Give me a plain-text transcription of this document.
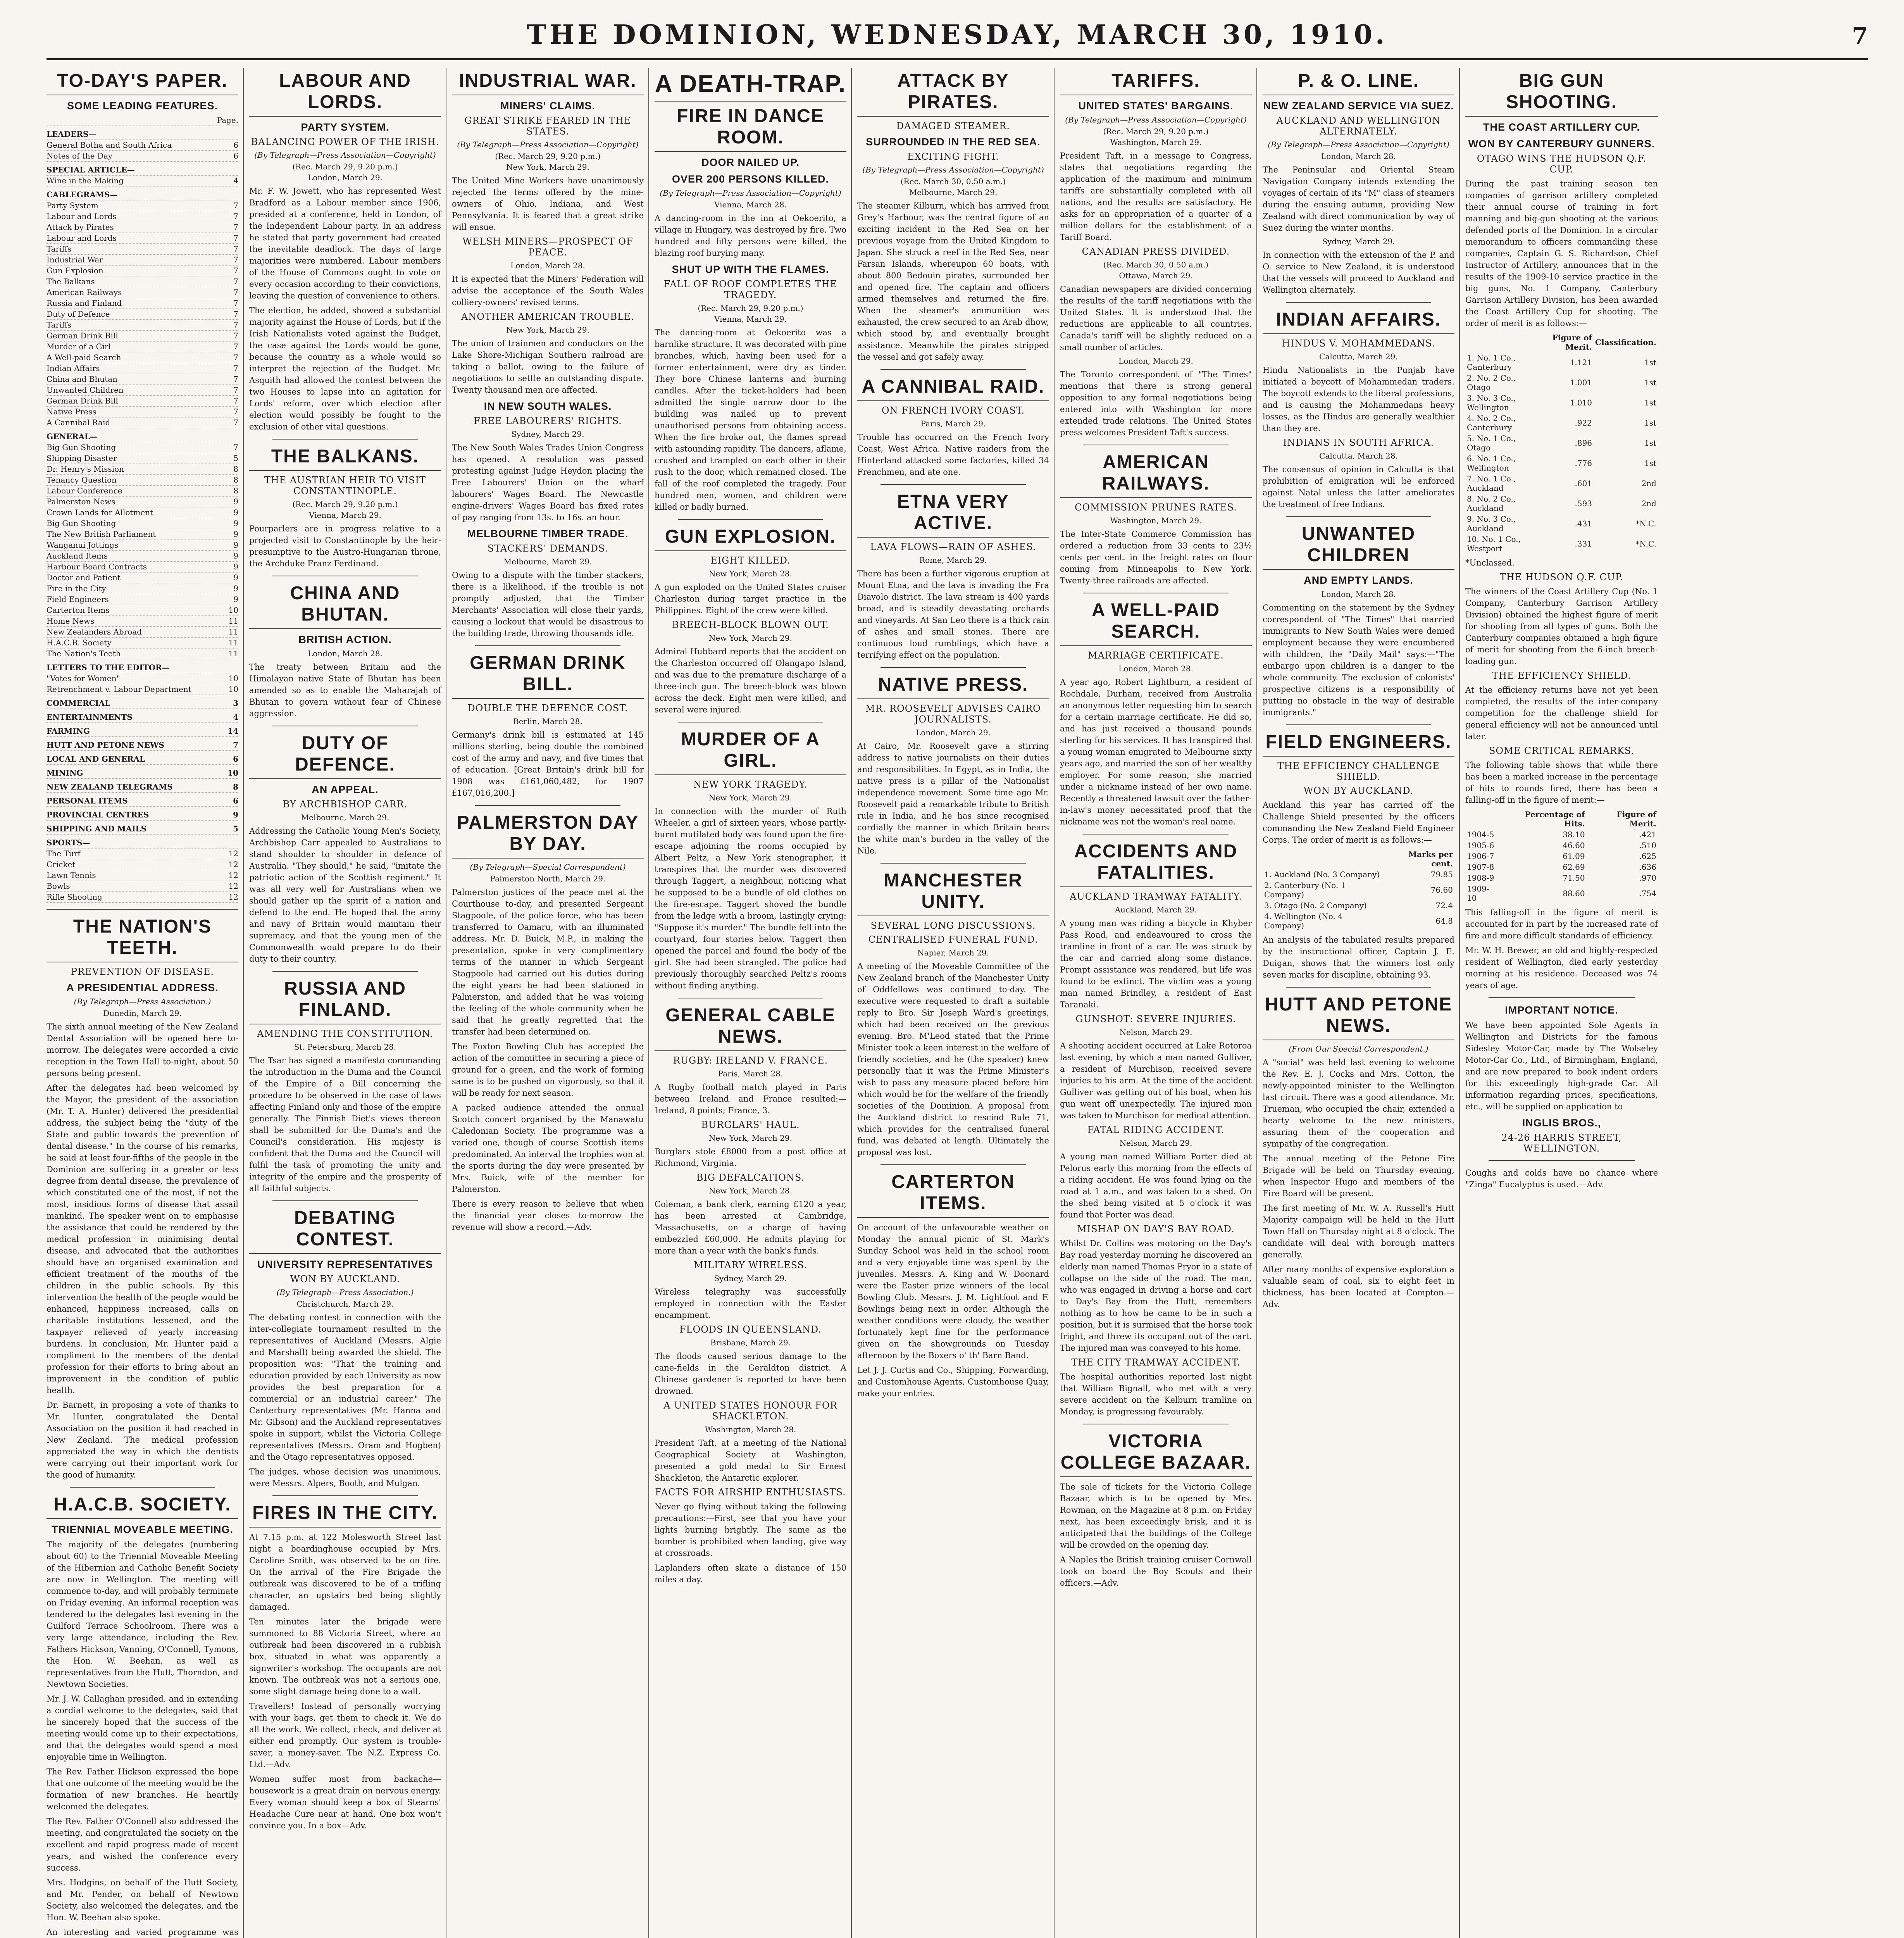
THE DOMINION, WEDNESDAY, MARCH 30, 1910.	7
TO-DAY'S PAPER.
SOME LEADING FEATURES.
Page.
LEADERS—
General Botha and South Africa	6
Notes of the Day	6
SPECIAL ARTICLE—
Wine in the Making	4
CABLEGRAMS—
Party System	7
Labour and Lords	7
Attack by Pirates	7
Labour and Lords	7
Tariffs	7
Industrial War	7
Gun Explosion	7
The Balkans	7
American Railways	7
Russia and Finland	7
Duty of Defence	7
Tariffs	7
German Drink Bill	7
Murder of a Girl	7
A Well-paid Search	7
Indian Affairs	7
China and Bhutan	7
Unwanted Children	7
German Drink Bill	7
Native Press	7
A Cannibal Raid	7
GENERAL—
Big Gun Shooting	7
Shipping Disaster	5
Dr. Henry's Mission	8
Tenancy Question	8
Labour Conference	8
Palmerston News	9
Crown Lands for Allotment	9
Big Gun Shooting	9
The New British Parliament	9
Wanganui Jottings	9
Auckland Items	9
Harbour Board Contracts	9
Doctor and Patient	9
Fire in the City	9
Field Engineers	9
Carterton Items	10
Home News	11
New Zealanders Abroad	11
H.A.C.B. Society	11
The Nation's Teeth	11
LETTERS TO THE EDITOR—
"Votes for Women"	10
Retrenchment v. Labour Department	10
COMMERCIAL	3
ENTERTAINMENTS	4
FARMING	14
HUTT AND PETONE NEWS	7
LOCAL AND GENERAL	6
MINING	10
NEW ZEALAND TELEGRAMS	8
PERSONAL ITEMS	6
PROVINCIAL CENTRES	9
SHIPPING AND MAILS	5
SPORTS—
The Turf	12
Cricket	12
Lawn Tennis	12
Bowls	12
Rifle Shooting	12
THE NATION'S TEETH.
PREVENTION OF DISEASE.
A PRESIDENTIAL ADDRESS.
(By Telegraph—Press Association.)
Dunedin, March 29.

The sixth annual meeting of the New Zealand Dental Association will be opened here to-morrow. The delegates were accorded a civic reception in the Town Hall to-night, about 50 persons being present.

After the delegates had been welcomed by the Mayor, the president of the association (Mr. T. A. Hunter) delivered the presidential address, the subject being the "duty of the State and public towards the prevention of dental disease." In the course of his remarks, he said at least four-fifths of the people in the Dominion are suffering in a greater or less degree from dental disease, the prevalence of which constituted one of the most, if not the most, insidious forms of disease that assail mankind. The speaker went on to emphasise the assistance that could be rendered by the medical profession in minimising dental disease, and advocated that the authorities should have an organised examination and efficient treatment of the mouths of the children in the public schools. By this intervention the health of the people would be enhanced, happiness increased, calls on charitable institutions lessened, and the taxpayer relieved of yearly increasing burdens. In conclusion, Mr. Hunter paid a compliment to the members of the dental profession for their efforts to bring about an improvement in the condition of public health.

Dr. Barnett, in proposing a vote of thanks to Mr. Hunter, congratulated the Dental Association on the position it had reached in New Zealand. The medical profession appreciated the way in which the dentists were carrying out their important work for the good of humanity.

H.A.C.B. SOCIETY.
TRIENNIAL MOVEABLE MEETING.

The majority of the delegates (numbering about 60) to the Triennial Moveable Meeting of the Hibernian and Catholic Benefit Society are now in Wellington. The meeting will commence to-day, and will probably terminate on Friday evening. An informal reception was tendered to the delegates last evening in the Guilford Terrace Schoolroom. There was a very large attendance, including the Rev. Fathers Hickson, Vanning, O'Connell, Tymons, the Hon. W. Beehan, as well as representatives from the Hutt, Thorndon, and Newtown Societies.

Mr. J. W. Callaghan presided, and in extending a cordial welcome to the delegates, said that he sincerely hoped that the success of the meeting would come up to their expectations, and that the delegates would spend a most enjoyable time in Wellington.

The Rev. Father Hickson expressed the hope that one outcome of the meeting would be the formation of new branches. He heartily welcomed the delegates.

The Rev. Father O'Connell also addressed the meeting, and congratulated the society on the excellent and rapid progress made of recent years, and wished the conference every success.

Mrs. Hodgins, on behalf of the Hutt Society, and Mr. Pender, on behalf of Newtown Society, also welcomed the delegates, and the Hon. W. Beehan also spoke.

An interesting and varied programme was

LABOUR AND LORDS.
PARTY SYSTEM.
BALANCING POWER OF THE IRISH.
(By Telegraph—Press Association—Copyright)
(Rec. March 29, 9.20 p.m.)
London, March 29.

Mr. F. W. Jowett, who has represented West Bradford as a Labour member since 1906, presided at a conference, held in London, of the Independent Labour party. In an address he stated that party government had created the inevitable deadlock. The days of large majorities were numbered. Labour members of the House of Commons ought to vote on every occasion according to their convictions, leaving the question of convenience to others.

The election, he added, showed a substantial majority against the House of Lords, but if the Irish Nationalists voted against the Budget, the case against the Lords would be gone, because the country as a whole would so interpret the rejection of the Budget. Mr. Asquith had allowed the contest between the two Houses to lapse into an agitation for Lords' reform, over which election after election would possibly be fought to the exclusion of other vital questions.

THE BALKANS.
THE AUSTRIAN HEIR TO VISIT CONSTANTINOPLE.
(Rec. March 29, 9.20 p.m.)
Vienna, March 29.

Pourparlers are in progress relative to a projected visit to Constantinople by the heir-presumptive to the Austro-Hungarian throne, the Archduke Franz Ferdinand.

CHINA AND BHUTAN.
BRITISH ACTION.
London, March 28.

The treaty between Britain and the Himalayan native State of Bhutan has been amended so as to enable the Maharajah of Bhutan to govern without fear of Chinese aggression.

DUTY OF DEFENCE.
AN APPEAL.
BY ARCHBISHOP CARR.
Melbourne, March 29.

Addressing the Catholic Young Men's Society, Archbishop Carr appealed to Australians to stand shoulder to shoulder in defence of Australia. "They should," he said, "imitate the patriotic action of the Scottish regiment." It was all very well for Australians when we should gather up the spirit of a nation and defend to the end. He hoped that the army and navy of Britain would maintain their supremacy, and that the young men of the Commonwealth would prepare to do their duty to their country.

RUSSIA AND FINLAND.
AMENDING THE CONSTITUTION.
St. Petersburg, March 28.

The Tsar has signed a manifesto commanding the introduction in the Duma and the Council of the Empire of a Bill concerning the procedure to be observed in the case of laws affecting Finland only and those of the empire generally. The Finnish Diet's views thereon shall be submitted for the Duma's and the Council's consideration. His majesty is confident that the Duma and the Council will fulfil the task of promoting the unity and integrity of the empire and the prosperity of all faithful subjects.

DEBATING CONTEST.
UNIVERSITY REPRESENTATIVES
WON BY AUCKLAND.
(By Telegraph—Press Association.)
Christchurch, March 29.

The debating contest in connection with the inter-collegiate tournament resulted in the representatives of Auckland (Messrs. Algie and Marshall) being awarded the shield. The proposition was: "That the training and education provided by each University as now provides the best preparation for a commercial or an industrial career." The Canterbury representatives (Mr. Hanna and Mr. Gibson) and the Auckland representatives spoke in support, whilst the Victoria College representatives (Messrs. Oram and Hogben) and the Otago representatives opposed.

The judges, whose decision was unanimous, were Messrs. Alpers, Booth, and Mulgan.

FIRES IN THE CITY.

At 7.15 p.m. at 122 Molesworth Street last night a boardinghouse occupied by Mrs. Caroline Smith, was observed to be on fire. On the arrival of the Fire Brigade the outbreak was discovered to be of a trifling character, an upstairs bed being slightly damaged.

Ten minutes later the brigade were summoned to 88 Victoria Street, where an outbreak had been discovered in a rubbish box, situated in what was apparently a signwriter's workshop. The occupants are not known. The outbreak was not a serious one, some slight damage being done to a wall.

Travellers! Instead of personally worrying with your bags, get them to check it. We do all the work. We collect, check, and deliver at either end promptly. Our system is trouble-saver, a money-saver. The N.Z. Express Co. Ltd.—Adv.

Women suffer most from backache—housework is a great drain on nervous energy. Every woman should keep a box of Stearns' Headache Cure near at hand. One box won't convince you. In a box—Adv.

INDUSTRIAL WAR.
MINERS' CLAIMS.
GREAT STRIKE FEARED IN THE STATES.
(By Telegraph—Press Association—Copyright)
(Rec. March 29, 9.20 p.m.)
New York, March 29.

The United Mine Workers have unanimously rejected the terms offered by the mine-owners of Ohio, Indiana, and West Pennsylvania. It is feared that a great strike will ensue.

WELSH MINERS—PROSPECT OF PEACE.
London, March 28.

It is expected that the Miners' Federation will advise the acceptance of the South Wales colliery-owners' revised terms.

ANOTHER AMERICAN TROUBLE.
New York, March 29.

The union of trainmen and conductors on the Lake Shore-Michigan Southern railroad are taking a ballot, owing to the failure of negotiations to settle an outstanding dispute. Twenty thousand men are affected.

IN NEW SOUTH WALES.
FREE LABOURERS' RIGHTS.
Sydney, March 29.

The New South Wales Trades Union Congress has opened. A resolution was passed protesting against Judge Heydon placing the Free Labourers' Union on the wharf labourers' Wages Board. The Newcastle engine-drivers' Wages Board has fixed rates of pay ranging from 13s. to 16s. an hour.

MELBOURNE TIMBER TRADE.
STACKERS' DEMANDS.
Melbourne, March 29.

Owing to a dispute with the timber stackers, there is a likelihood, if the trouble is not promptly adjusted, that the Timber Merchants' Association will close their yards, causing a lockout that would be disastrous to the building trade, throwing thousands idle.

GERMAN DRINK BILL.
DOUBLE THE DEFENCE COST.
Berlin, March 28.

Germany's drink bill is estimated at 145 millions sterling, being double the combined cost of the army and navy, and five times that of education. [Great Britain's drink bill for 1908 was £161,060,482, for 1907 £167,016,200.]

PALMERSTON DAY BY DAY.
(By Telegraph—Special Correspondent)
Palmerston North, March 29.

Palmerston justices of the peace met at the Courthouse to-day, and presented Sergeant Stagpoole, of the police force, who has been transferred to Oamaru, with an illuminated address. Mr. D. Buick, M.P., in making the presentation, spoke in very complimentary terms of the manner in which Sergeant Stagpoole had carried out his duties during the eight years he had been stationed in Palmerston, and added that he was voicing the feeling of the whole community when he said that he greatly regretted that the transfer had been determined on.

The Foxton Bowling Club has accepted the action of the committee in securing a piece of ground for a green, and the work of forming same is to be pushed on vigorously, so that it will be ready for next season.

A packed audience attended the annual Scotch concert organised by the Manawatu Caledonian Society. The programme was a varied one, though of course Scottish items predominated. An interval the trophies won at the sports during the day were presented by Mrs. Buick, wife of the member for Palmerston.

There is every reason to believe that when the financial year closes to-morrow the revenue will show a record.—Adv.

A DEATH-TRAP.
FIRE IN DANCE ROOM.
DOOR NAILED UP.
OVER 200 PERSONS KILLED.
(By Telegraph—Press Association—Copyright)
Vienna, March 28.

A dancing-room in the inn at Oekoerito, a village in Hungary, was destroyed by fire. Two hundred and fifty persons were killed, the blazing roof burying many.

SHUT UP WITH THE FLAMES.
FALL OF ROOF COMPLETES THE TRAGEDY.
(Rec. March 29, 9.20 p.m.)
Vienna, March 29.

The dancing-room at Oekoerito was a barnlike structure. It was decorated with pine branches, which, having been used for a former entertainment, were dry as tinder. They bore Chinese lanterns and burning candles. After the ticket-holders had been admitted the single narrow door to the building was nailed up to prevent unauthorised persons from obtaining access. When the fire broke out, the flames spread with astounding rapidity. The dancers, aflame, crushed and trampled on each other in their rush to the door, which remained closed. The fall of the roof completed the tragedy. Four hundred men, women, and children were killed or badly burned.

GUN EXPLOSION.
EIGHT KILLED.
New York, March 28.

A gun exploded on the United States cruiser Charleston during target practice in the Philippines. Eight of the crew were killed.

BREECH-BLOCK BLOWN OUT.
New York, March 29.

Admiral Hubbard reports that the accident on the Charleston occurred off Olangapo Island, and was due to the premature discharge of a three-inch gun. The breech-block was blown across the deck. Eight men were killed, and several were injured.

MURDER OF A GIRL.
NEW YORK TRAGEDY.
New York, March 29.

In connection with the murder of Ruth Wheeler, a girl of sixteen years, whose partly-burnt mutilated body was found upon the fire-escape adjoining the rooms occupied by Albert Peltz, a New York stenographer, it transpires that the murder was discovered through Taggert, a neighbour, noticing what he supposed to be a bundle of old clothes on the fire-escape. Taggert shoved the bundle from the ledge with a broom, lastingly crying: "Suppose it's murder." The bundle fell into the courtyard, four stories below. Taggert then opened the parcel and found the body of the girl. She had been strangled. The police had previously thoroughly searched Peltz's rooms without finding anything.

GENERAL CABLE NEWS.
RUGBY: IRELAND V. FRANCE.
Paris, March 28.

A Rugby football match played in Paris between Ireland and France resulted:—Ireland, 8 points; France, 3.

BURGLARS' HAUL.
New York, March 29.

Burglars stole £8000 from a post office at Richmond, Virginia.

BIG DEFALCATIONS.
New York, March 28.

Coleman, a bank clerk, earning £120 a year, has been arrested at Cambridge, Massachusetts, on a charge of having embezzled £60,000. He admits playing for more than a year with the bank's funds.

MILITARY WIRELESS.
Sydney, March 29.

Wireless telegraphy was successfully employed in connection with the Easter encampment.

FLOODS IN QUEENSLAND.
Brisbane, March 29.

The floods caused serious damage to the cane-fields in the Geraldton district. A Chinese gardener is reported to have been drowned.

A UNITED STATES HONOUR FOR SHACKLETON.
Washington, March 28.

President Taft, at a meeting of the National Geographical Society at Washington, presented a gold medal to Sir Ernest Shackleton, the Antarctic explorer.

FACTS FOR AIRSHIP ENTHUSIASTS.

Never go flying without taking the following precautions:—First, see that you have your lights burning brightly. The same as the bomber is prohibited when landing, give way at crossroads.

Laplanders often skate a distance of 150 miles a day.

ATTACK BY PIRATES.
DAMAGED STEAMER.
SURROUNDED IN THE RED SEA.
EXCITING FIGHT.
(By Telegraph—Press Association—Copyright)
(Rec. March 30, 0.50 a.m.)
Melbourne, March 29.

The steamer Kilburn, which has arrived from Grey's Harbour, was the central figure of an exciting incident in the Red Sea on her previous voyage from the United Kingdom to Japan. She struck a reef in the Red Sea, near Farsan Islands, whereupon 60 boats, with about 800 Bedouin pirates, surrounded her and opened fire. The captain and officers armed themselves and returned the fire. When the steamer's ammunition was exhausted, the crew secured to an Arab dhow, which stood by, and eventually brought assistance. Meanwhile the pirates stripped the vessel and got safely away.

A CANNIBAL RAID.
ON FRENCH IVORY COAST.
Paris, March 29.

Trouble has occurred on the French Ivory Coast, West Africa. Native raiders from the Hinterland attacked some factories, killed 34 Frenchmen, and ate one.

ETNA VERY ACTIVE.
LAVA FLOWS—RAIN OF ASHES.
Rome, March 29.

There has been a further vigorous eruption at Mount Etna, and the lava is invading the Fra Diavolo district. The lava stream is 400 yards broad, and is steadily devastating orchards and vineyards. At San Leo there is a thick rain of ashes and small stones. There are continuous loud rumblings, which have a terrifying effect on the population.

NATIVE PRESS.
MR. ROOSEVELT ADVISES CAIRO JOURNALISTS.
London, March 29.

At Cairo, Mr. Roosevelt gave a stirring address to native journalists on their duties and responsibilities. In Egypt, as in India, the native press is a pillar of the Nationalist independence movement. Some time ago Mr. Roosevelt paid a remarkable tribute to British rule in India, and he has since recognised cordially the manner in which Britain bears the white man's burden in the valley of the Nile.

MANCHESTER UNITY.
SEVERAL LONG DISCUSSIONS.
CENTRALISED FUNERAL FUND.
Napier, March 29.

A meeting of the Moveable Committee of the New Zealand branch of the Manchester Unity of Oddfellows was continued to-day. The executive were requested to draft a suitable reply to Bro. Sir Joseph Ward's greetings, which had been received on the previous evening. Bro. M'Leod stated that the Prime Minister took a keen interest in the welfare of friendly societies, and he (the speaker) knew personally that it was the Prime Minister's wish to pass any measure placed before him which would be for the welfare of the friendly societies of the Dominion. A proposal from the Auckland district to rescind Rule 71, which provides for the centralised funeral fund, was debated at length. Ultimately the proposal was lost.

CARTERTON ITEMS.

On account of the unfavourable weather on Monday the annual picnic of St. Mark's Sunday School was held in the school room and a very enjoyable time was spent by the juveniles. Messrs. A. King and W. Doonard were the Easter prize winners of the local Bowling Club. Messrs. J. M. Lightfoot and F. Bowlings being next in order. Although the weather conditions were cloudy, the weather fortunately kept fine for the performance given on the showgrounds on Tuesday afternoon by the Boxers o' th' Barn Band.

Let J. J. Curtis and Co., Shipping, Forwarding, and Customhouse Agents, Customhouse Quay, make your entries.

TARIFFS.
UNITED STATES' BARGAINS.
(By Telegraph—Press Association—Copyright)
(Rec. March 29, 9.20 p.m.)
Washington, March 29.

President Taft, in a message to Congress, states that negotiations regarding the application of the maximum and minimum tariffs are substantially completed with all nations, and the results are satisfactory. He asks for an appropriation of a quarter of a million dollars for the establishment of a Tariff Board.

CANADIAN PRESS DIVIDED.
(Rec. March 30, 0.50 a.m.)
Ottawa, March 29.

Canadian newspapers are divided concerning the results of the tariff negotiations with the United States. It is understood that the reductions are applicable to all countries. Canada's tariff will be slightly reduced on a small number of articles.

London, March 29.

The Toronto correspondent of "The Times" mentions that there is strong general opposition to any formal negotiations being entered into with Washington for more extended trade relations. The United States press welcomes President Taft's success.

AMERICAN RAILWAYS.
COMMISSION PRUNES RATES.
Washington, March 29.

The Inter-State Commerce Commission has ordered a reduction from 33 cents to 23½ cents per cent. in the freight rates on flour coming from Minneapolis to New York. Twenty-three railroads are affected.

A WELL-PAID SEARCH.
MARRIAGE CERTIFICATE.
London, March 28.

A year ago, Robert Lightburn, a resident of Rochdale, Durham, received from Australia an anonymous letter requesting him to search for a certain marriage certificate. He did so, and has just received a thousand pounds sterling for his services. It has transpired that a young woman emigrated to Melbourne sixty years ago, and married the son of her wealthy employer. For some reason, she married under a nickname instead of her own name. Recently a threatened lawsuit over the father-in-law's money necessitated proof that the nickname was not the woman's real name.

ACCIDENTS AND FATALITIES.
AUCKLAND TRAMWAY FATALITY.
Auckland, March 29.

A young man was riding a bicycle in Khyber Pass Road, and endeavoured to cross the tramline in front of a car. He was struck by the car and carried along some distance. Prompt assistance was rendered, but life was found to be extinct. The victim was a young man named Brindley, a resident of East Taranaki.

GUNSHOT: SEVERE INJURIES.
Nelson, March 29.

A shooting accident occurred at Lake Rotoroa last evening, by which a man named Gulliver, a resident of Murchison, received severe injuries to his arm. At the time of the accident Gulliver was getting out of his boat, when his gun went off unexpectedly. The injured man was taken to Murchison for medical attention.

FATAL RIDING ACCIDENT.
Nelson, March 29.

A young man named William Porter died at Pelorus early this morning from the effects of a riding accident. He was found lying on the road at 1 a.m., and was taken to a shed. On the shed being visited at 5 o'clock it was found that Porter was dead.

MISHAP ON DAY'S BAY ROAD.

Whilst Dr. Collins was motoring on the Day's Bay road yesterday morning he discovered an elderly man named Thomas Pryor in a state of collapse on the side of the road. The man, who was engaged in driving a horse and cart to Day's Bay from the Hutt, remembers nothing as to how he came to be in such a position, but it is surmised that the horse took fright, and threw its occupant out of the cart. The injured man was conveyed to his home.

THE CITY TRAMWAY ACCIDENT.

The hospital authorities reported last night that William Bignall, who met with a very severe accident on the Kelburn tramline on Monday, is progressing favourably.

VICTORIA COLLEGE BAZAAR.

The sale of tickets for the Victoria College Bazaar, which is to be opened by Mrs. Rowman, on the Magazine at 8 p.m. on Friday next, has been exceedingly brisk, and it is anticipated that the buildings of the College will be crowded on the opening day.

A Naples the British training cruiser Cornwall took on board the Boy Scouts and their officers.—Adv.

P. & O. LINE.
NEW ZEALAND SERVICE VIA SUEZ.
AUCKLAND AND WELLINGTON ALTERNATELY.
(By Telegraph—Press Association—Copyright)
London, March 28.

The Peninsular and Oriental Steam Navigation Company intends extending the voyages of certain of its "M" class of steamers during the ensuing autumn, providing New Zealand with direct communication by way of Suez during the winter months.

Sydney, March 29.

In connection with the extension of the P. and O. service to New Zealand, it is understood that the vessels will proceed to Auckland and Wellington alternately.

INDIAN AFFAIRS.
HINDUS V. MOHAMMEDANS.
Calcutta, March 29.

Hindu Nationalists in the Punjab have initiated a boycott of Mohammedan traders. The boycott extends to the liberal professions, and is causing the Mohammedans heavy losses, as the Hindus are generally wealthier than they are.

INDIANS IN SOUTH AFRICA.
Calcutta, March 28.

The consensus of opinion in Calcutta is that prohibition of emigration will be enforced against Natal unless the latter ameliorates the treatment of free Indians.

UNWANTED CHILDREN
AND EMPTY LANDS.
London, March 28.

Commenting on the statement by the Sydney correspondent of "The Times" that married immigrants to New South Wales were denied employment because they were encumbered with children, the "Daily Mail" says:—"The embargo upon children is a danger to the whole community. The exclusion of colonists' prospective citizens is a responsibility of putting no obstacle in the way of desirable immigrants."

FIELD ENGINEERS.
THE EFFICIENCY CHALLENGE SHIELD.
WON BY AUCKLAND.

Auckland this year has carried off the Challenge Shield presented by the officers commanding the New Zealand Field Engineer Corps. The order of merit is as follows:—

	Marks per cent.
1. Auckland (No. 3 Company)	79.85
2. Canterbury (No. 1 Company)	76.60
3. Otago (No. 2 Company)	72.4
4. Wellington (No. 4 Company)	64.8

An analysis of the tabulated results prepared by the instructional officer, Captain J. E. Duigan, shows that the winners lost only seven marks for discipline, obtaining 93.

HUTT AND PETONE NEWS.
(From Our Special Correspondent.)

A "social" was held last evening to welcome the Rev. E. J. Cocks and Mrs. Cotton, the newly-appointed minister to the Wellington last circuit. There was a good attendance. Mr. Trueman, who occupied the chair, extended a hearty welcome to the new ministers, assuring them of the cooperation and sympathy of the congregation.

The annual meeting of the Petone Fire Brigade will be held on Thursday evening, when Inspector Hugo and members of the Fire Board will be present.

The first meeting of Mr. W. A. Russell's Hutt Majority campaign will be held in the Hutt Town Hall on Thursday night at 8 o'clock. The candidate will deal with borough matters generally.

After many months of expensive exploration a valuable seam of coal, six to eight feet in thickness, has been located at Compton.—Adv.

BIG GUN SHOOTING.
THE COAST ARTILLERY CUP.
WON BY CANTERBURY GUNNERS.
OTAGO WINS THE HUDSON Q.F. CUP.

During the past training season ten companies of garrison artillery completed their annual course of training in fort manning and big-gun shooting at the various defended ports of the Dominion. In a circular memorandum to officers commanding these companies, Captain G. S. Richardson, Chief Instructor of Artillery, announces that in the results of the 1909-10 service practice in the big guns, No. 1 Company, Canterbury Garrison Artillery Division, has been awarded the Coast Artillery Cup for shooting. The order of merit is as follows:—

	Figure of Merit.	Classification.
1. No. 1 Co., Canterbury	1.121	1st
2. No. 2 Co., Otago	1.001	1st
3. No. 3 Co., Wellington	1.010	1st
4. No. 2 Co., Canterbury	.922	1st
5. No. 1 Co., Otago	.896	1st
6. No. 1 Co., Wellington	.776	1st
7. No. 1 Co., Auckland	.601	2nd
8. No. 2 Co., Auckland	.593	2nd
9. No. 3 Co., Auckland	.431	*N.C.
10. No. 1 Co., Westport	.331	*N.C.

*Unclassed.

THE HUDSON Q.F. CUP.

The winners of the Coast Artillery Cup (No. 1 Company, Canterbury Garrison Artillery Division) obtained the highest figure of merit for shooting from all types of guns. Both the Canterbury companies obtained a high figure of merit for shooting from the 6-inch breech-loading gun.

THE EFFICIENCY SHIELD.

At the efficiency returns have not yet been completed, the results of the inter-company competition for the challenge shield for general efficiency will not be announced until later.

SOME CRITICAL REMARKS.

The following table shows that while there has been a marked increase in the percentage of hits to rounds fired, there has been a falling-off in the figure of merit:—

	Percentage of Hits.	Figure of Merit.
1904-5	38.10	.421
1905-6	46.60	.510
1906-7	61.09	.625
1907-8	62.69	.636
1908-9	71.50	.970
1909-10	88.60	.754

This falling-off in the figure of merit is accounted for in part by the increased rate of fire and more difficult standards of efficiency.

Mr. W. H. Brewer, an old and highly-respected resident of Wellington, died early yesterday morning at his residence. Deceased was 74 years of age.

IMPORTANT NOTICE.

We have been appointed Sole Agents in Wellington and Districts for the famous Sidesley Motor-Car, made by The Wolseley Motor-Car Co., Ltd., of Birmingham, England, and are now prepared to book indent orders for this exceedingly high-grade Car. All information regarding prices, specifications, etc., will be supplied on application to

INGLIS BROS.,
24-26 HARRIS STREET, WELLINGTON.

Coughs and colds have no chance where "Zinga" Eucalyptus is used.—Adv.
